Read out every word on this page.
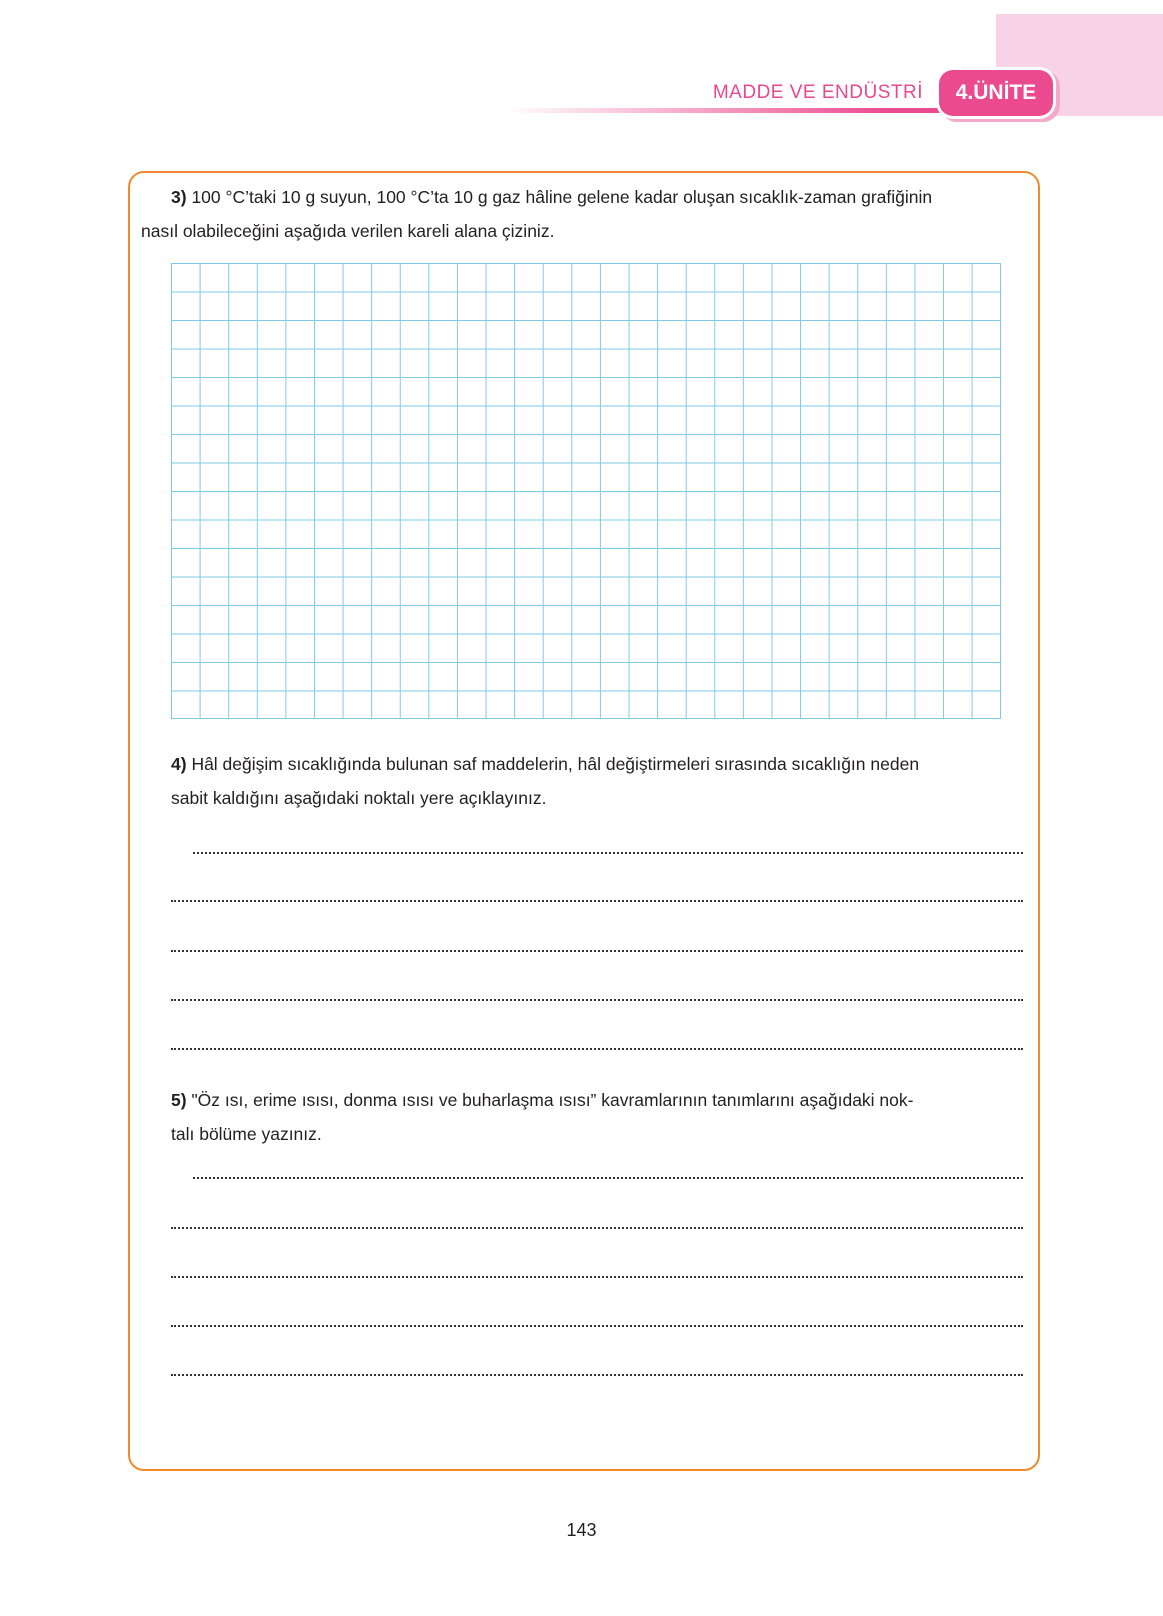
MADDE VE ENDÜSTRİ	4.ÜNİTE
3) 100 °C’taki 10 g suyun, 100 °C’ta 10 g gaz hâline gelene kadar oluşan sıcaklık-zaman grafiğinin
nasıl olabileceğini aşağıda verilen kareli alana çiziniz.
4) Hâl değişim sıcaklığında bulunan saf maddelerin, hâl değiştirmeleri sırasında sıcaklığın neden
sabit kaldığını aşağıdaki noktalı yere açıklayınız.
5) "Öz ısı, erime ısısı, donma ısısı ve buharlaşma ısısı” kavramlarının tanımlarını aşağıdaki nok-
talı bölüme yazınız.
143
